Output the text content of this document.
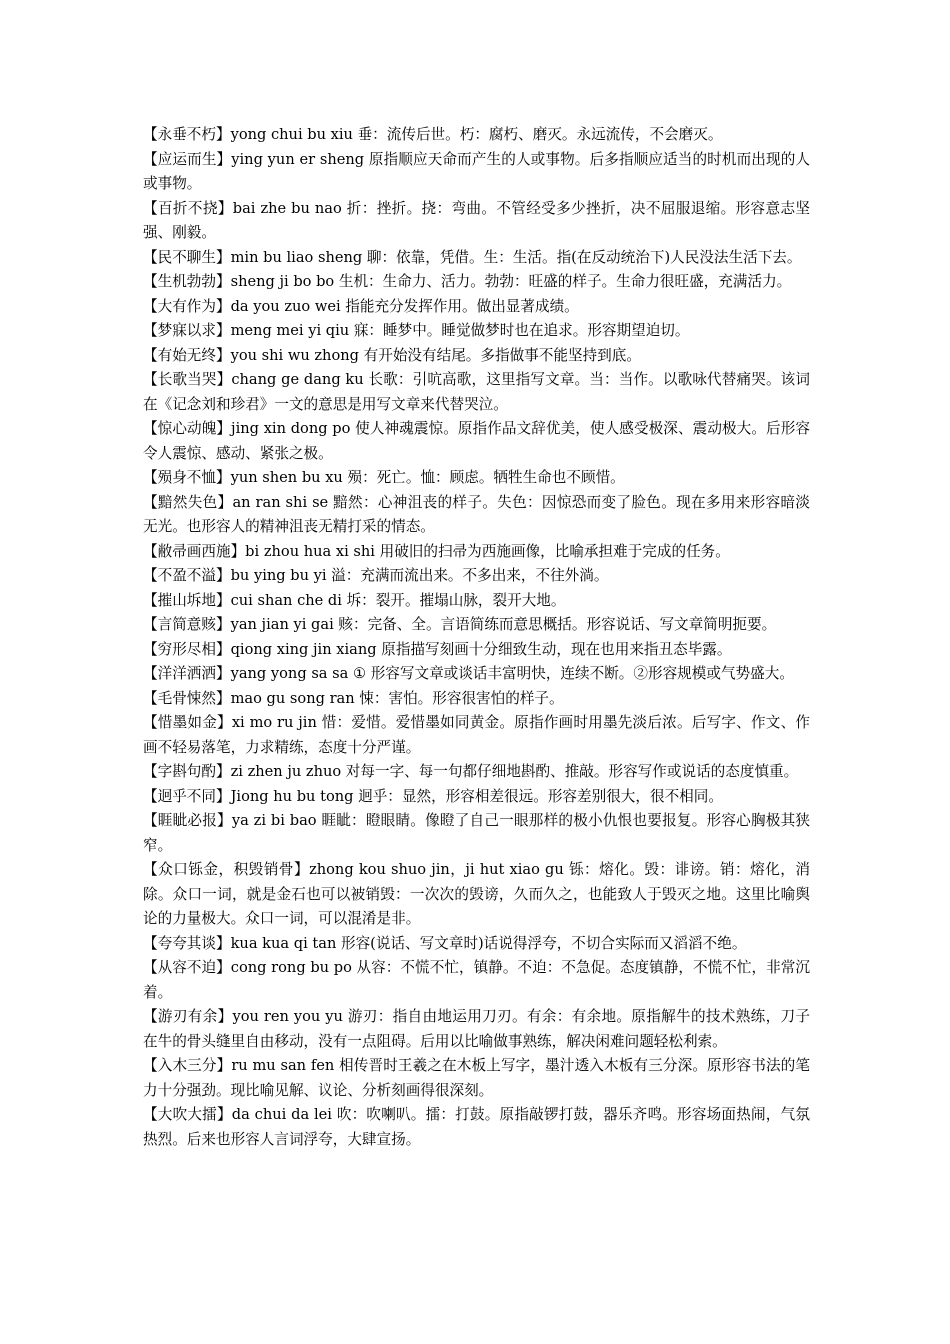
【永垂不朽】yong chui bu xiu 垂：流传后世。朽：腐朽、磨灭。永远流传，不会磨灭。

【应运而生】ying yun er sheng 原指顺应天命而产生的人或事物。后多指顺应适当的时机而出现的人或事物。

【百折不挠】bai zhe bu nao 折：挫折。挠：弯曲。不管经受多少挫折，决不屈服退缩。形容意志坚强、刚毅。

【民不聊生】min bu liao sheng 聊：依靠，凭借。生：生活。指(在反动统治下)人民没法生活下去。

【生机勃勃】sheng ji bo bo 生机：生命力、活力。勃勃：旺盛的样子。生命力很旺盛，充满活力。

【大有作为】da you zuo wei 指能充分发挥作用。做出显著成绩。

【梦寐以求】meng mei yi qiu 寐：睡梦中。睡觉做梦时也在追求。形容期望迫切。

【有始无终】you shi wu zhong 有开始没有结尾。多指做事不能坚持到底。

【长歌当哭】chang ge dang ku 长歌：引吭高歌，这里指写文章。当：当作。以歌咏代替痛哭。该词在《记念刘和珍君》一文的意思是用写文章来代替哭泣。

【惊心动魄】jing xin dong po 使人神魂震惊。原指作品文辞优美，使人感受极深、震动极大。后形容令人震惊、感动、紧张之极。

【殒身不恤】yun shen bu xu 殒：死亡。恤：顾虑。牺牲生命也不顾惜。

【黯然失色】an ran shi se 黯然：心神沮丧的样子。失色：因惊恐而变了脸色。现在多用来形容暗淡无光。也形容人的精神沮丧无精打采的情态。

【敝帚画西施】bi zhou hua xi shi 用破旧的扫帚为西施画像，比喻承担难于完成的任务。

【不盈不溢】bu ying bu yi 溢：充满而流出来。不多出来，不往外淌。

【摧山坼地】cui shan che di 坼：裂开。摧塌山脉，裂开大地。

【言简意赅】yan jian yi gai 赅：完备、全。言语简练而意思概括。形容说话、写文章简明扼要。

【穷形尽相】qiong xing jin xiang 原指描写刻画十分细致生动，现在也用来指丑态毕露。

【洋洋洒洒】yang yong sa sa ① 形容写文章或谈话丰富明快，连续不断。②形容规模或气势盛大。

【毛骨悚然】mao gu song ran 悚：害怕。形容很害怕的样子。

【惜墨如金】xi mo ru jin 惜：爱惜。爱惜墨如同黄金。原指作画时用墨先淡后浓。后写字、作文、作画不轻易落笔，力求精练，态度十分严谨。

【字斟句酌】zi zhen ju zhuo 对每一字、每一句都仔细地斟酌、推敲。形容写作或说话的态度慎重。

【迥乎不同】Jiong hu bu tong 迥乎：显然，形容相差很远。形容差别很大，很不相同。

【睚眦必报】ya zi bi bao 睚眦：瞪眼睛。像瞪了自己一眼那样的极小仇恨也要报复。形容心胸极其狭窄。

【众口铄金，积毁销骨】zhong kou shuo jin，ji hut xiao gu 铄：熔化。毁：诽谤。销：熔化，消除。众口一词，就是金石也可以被销毁：一次次的毁谤，久而久之，也能致人于毁灭之地。这里比喻舆论的力量极大。众口一词，可以混淆是非。

【夸夸其谈】kua kua qi tan 形容(说话、写文章时)话说得浮夸，不切合实际而又滔滔不绝。

【从容不迫】cong rong bu po 从容：不慌不忙，镇静。不迫：不急促。态度镇静，不慌不忙，非常沉着。

【游刃有余】you ren you yu 游刃：指自由地运用刀刃。有余：有余地。原指解牛的技术熟练，刀子在牛的骨头缝里自由移动，没有一点阻碍。后用以比喻做事熟练，解决闲难问题轻松利索。

【入木三分】ru mu san fen 相传晋时王羲之在木板上写字，墨汁透入木板有三分深。原形容书法的笔力十分强劲。现比喻见解、议论、分析刻画得很深刻。

【大吹大擂】da chui da lei 吹：吹喇叭。擂：打鼓。原指敲锣打鼓，器乐齐鸣。形容场面热闹，气氛热烈。后来也形容人言词浮夸，大肆宣扬。
